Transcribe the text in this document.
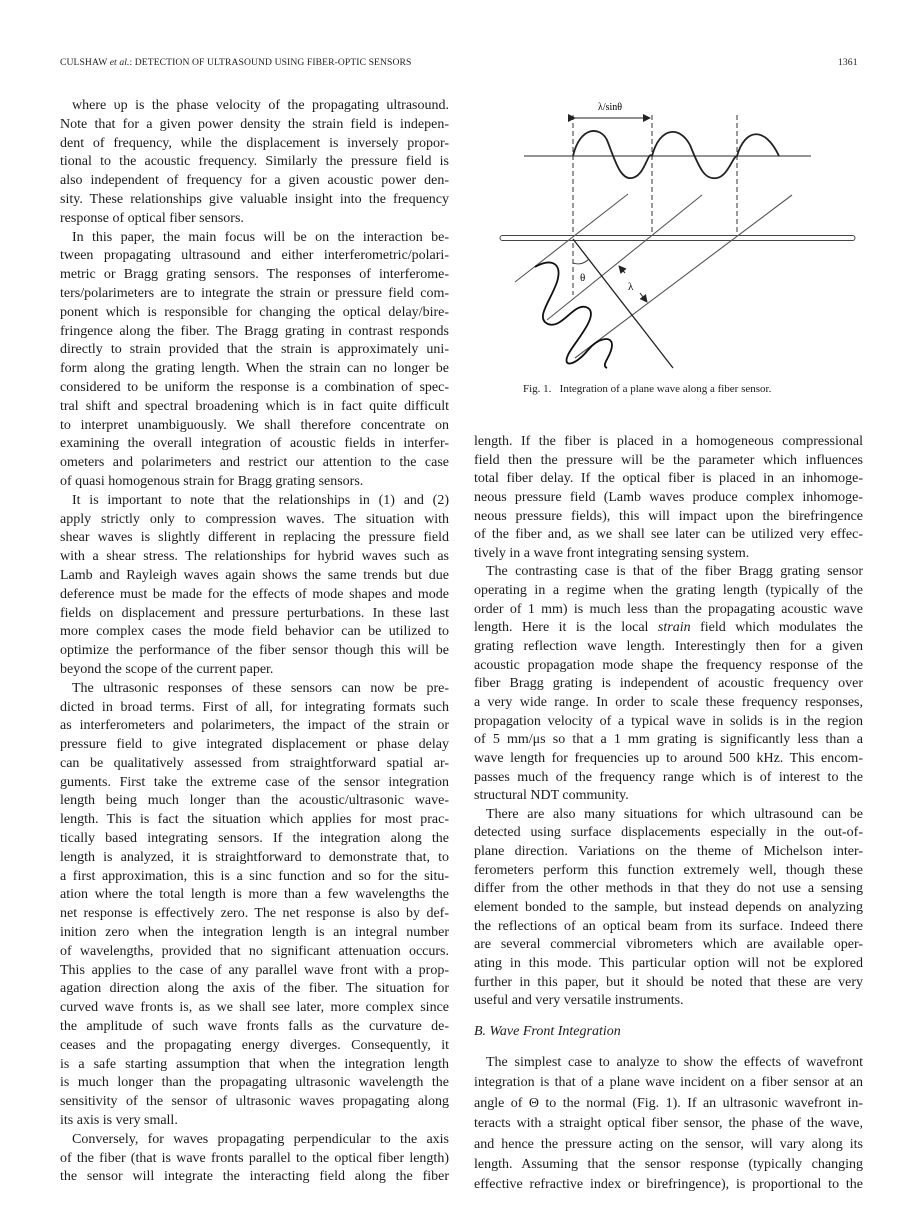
CULSHAW et al.: DETECTION OF ULTRASOUND USING FIBER-OPTIC SENSORS	1361
where υp is the phase velocity of the propagating ultrasound.
Note that for a given power density the strain field is indepen-
dent of frequency, while the displacement is inversely propor-
tional to the acoustic frequency. Similarly the pressure field is
also independent of frequency for a given acoustic power den-
sity. These relationships give valuable insight into the frequency
response of optical fiber sensors.
In this paper, the main focus will be on the interaction be-
tween propagating ultrasound and either interferometric/polari-
metric or Bragg grating sensors. The responses of interferome-
ters/polarimeters are to integrate the strain or pressure field com-
ponent which is responsible for changing the optical delay/bire-
fringence along the fiber. The Bragg grating in contrast responds
directly to strain provided that the strain is approximately uni-
form along the grating length. When the strain can no longer be
considered to be uniform the response is a combination of spec-
tral shift and spectral broadening which is in fact quite difficult
to interpret unambiguously. We shall therefore concentrate on
examining the overall integration of acoustic fields in interfer-
ometers and polarimeters and restrict our attention to the case
of quasi homogenous strain for Bragg grating sensors.
It is important to note that the relationships in (1) and (2)
apply strictly only to compression waves. The situation with
shear waves is slightly different in replacing the pressure field
with a shear stress. The relationships for hybrid waves such as
Lamb and Rayleigh waves again shows the same trends but due
deference must be made for the effects of mode shapes and mode
fields on displacement and pressure perturbations. In these last
more complex cases the mode field behavior can be utilized to
optimize the performance of the fiber sensor though this will be
beyond the scope of the current paper.
The ultrasonic responses of these sensors can now be pre-
dicted in broad terms. First of all, for integrating formats such
as interferometers and polarimeters, the impact of the strain or
pressure field to give integrated displacement or phase delay
can be qualitatively assessed from straightforward spatial ar-
guments. First take the extreme case of the sensor integration
length being much longer than the acoustic/ultrasonic wave-
length. This is fact the situation which applies for most prac-
tically based integrating sensors. If the integration along the
length is analyzed, it is straightforward to demonstrate that, to
a first approximation, this is a sinc function and so for the situ-
ation where the total length is more than a few wavelengths the
net response is effectively zero. The net response is also by def-
inition zero when the integration length is an integral number
of wavelengths, provided that no significant attenuation occurs.
This applies to the case of any parallel wave front with a prop-
agation direction along the axis of the fiber. The situation for
curved wave fronts is, as we shall see later, more complex since
the amplitude of such wave fronts falls as the curvature de-
ceases and the propagating energy diverges. Consequently, it
is a safe starting assumption that when the integration length
is much longer than the propagating ultrasonic wavelength the
sensitivity of the sensor of ultrasonic waves propagating along
its axis is very small.
Conversely, for waves propagating perpendicular to the axis
of the fiber (that is wave fronts parallel to the optical fiber length)
the sensor will integrate the interacting field along the fiber
length. If the fiber is placed in a homogeneous compressional
field then the pressure will be the parameter which influences
total fiber delay. If the optical fiber is placed in an inhomoge-
neous pressure field (Lamb waves produce complex inhomoge-
neous pressure fields), this will impact upon the birefringence
of the fiber and, as we shall see later can be utilized very effec-
tively in a wave front integrating sensing system.
The contrasting case is that of the fiber Bragg grating sensor
operating in a regime when the grating length (typically of the
order of 1 mm) is much less than the propagating acoustic wave
length. Here it is the local strain field which modulates the
grating reflection wave length. Interestingly then for a given
acoustic propagation mode shape the frequency response of the
fiber Bragg grating is independent of acoustic frequency over
a very wide range. In order to scale these frequency responses,
propagation velocity of a typical wave in solids is in the region
of 5 mm/μs so that a 1 mm grating is significantly less than a
wave length for frequencies up to around 500 kHz. This encom-
passes much of the frequency range which is of interest to the
structural NDT community.
There are also many situations for which ultrasound can be
detected using surface displacements especially in the out-of-
plane direction. Variations on the theme of Michelson inter-
ferometers perform this function extremely well, though these
differ from the other methods in that they do not use a sensing
element bonded to the sample, but instead depends on analyzing
the reflections of an optical beam from its surface. Indeed there
are several commercial vibrometers which are available oper-
ating in this mode. This particular option will not be explored
further in this paper, but it should be noted that these are very
useful and very versatile instruments.
B. Wave Front Integration
The simplest case to analyze to show the effects of wavefront
integration is that of a plane wave incident on a fiber sensor at an
angle of Θ to the normal (Fig. 1). If an ultrasonic wavefront in-
teracts with a straight optical fiber sensor, the phase of the wave,
and hence the pressure acting on the sensor, will vary along its
length. Assuming that the sensor response (typically changing
effective refractive index or birefringence), is proportional to the
λ/sinθ
θ
λ
Fig. 1.   Integration of a plane wave along a fiber sensor.
